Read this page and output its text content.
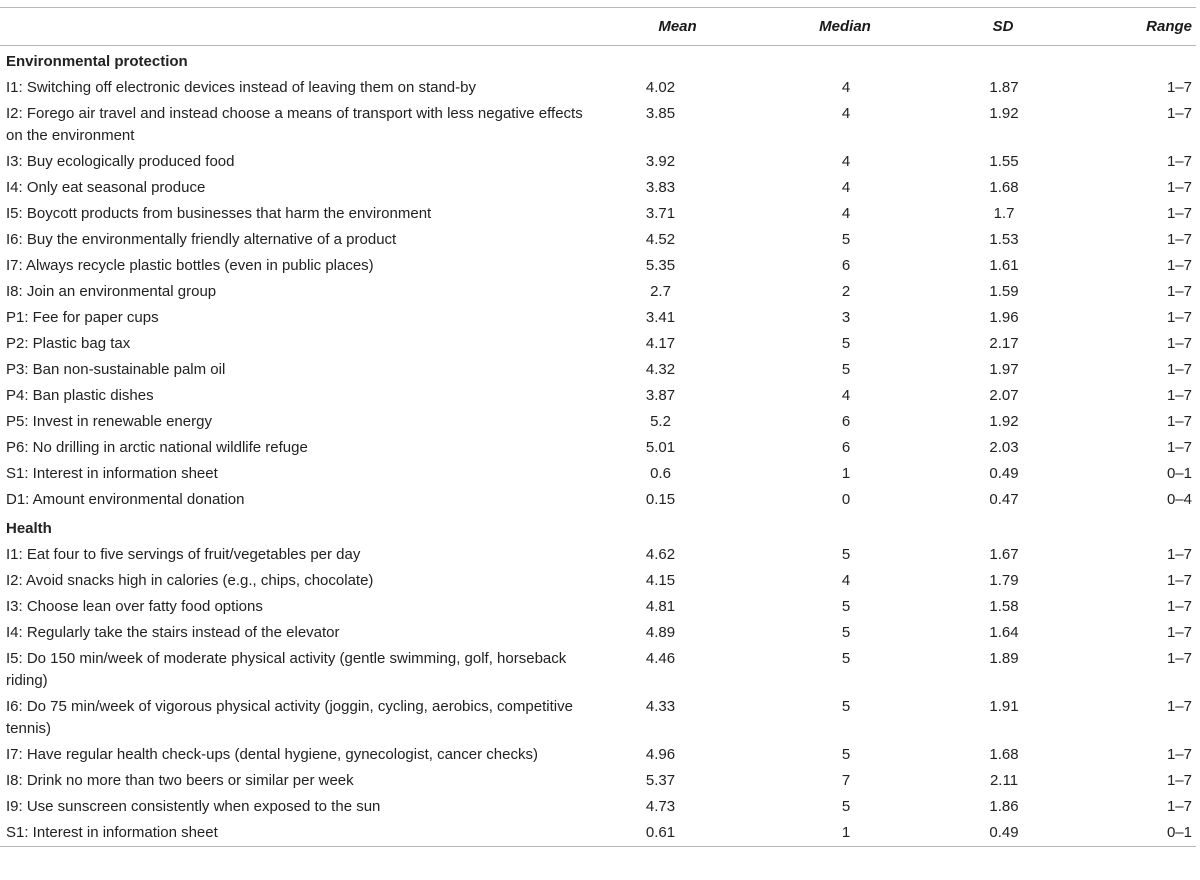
	Mean	Median	SD	Range
Environmental protection				
I1: Switching off electronic devices instead of leaving them on stand-by	4.02	4	1.87	1–7
I2: Forego air travel and instead choose a means of transport with less negative effects on the environment	3.85	4	1.92	1–7
I3: Buy ecologically produced food	3.92	4	1.55	1–7
I4: Only eat seasonal produce	3.83	4	1.68	1–7
I5: Boycott products from businesses that harm the environment	3.71	4	1.7	1–7
I6: Buy the environmentally friendly alternative of a product	4.52	5	1.53	1–7
I7: Always recycle plastic bottles (even in public places)	5.35	6	1.61	1–7
I8: Join an environmental group	2.7	2	1.59	1–7
P1: Fee for paper cups	3.41	3	1.96	1–7
P2: Plastic bag tax	4.17	5	2.17	1–7
P3: Ban non-sustainable palm oil	4.32	5	1.97	1–7
P4: Ban plastic dishes	3.87	4	2.07	1–7
P5: Invest in renewable energy	5.2	6	1.92	1–7
P6: No drilling in arctic national wildlife refuge	5.01	6	2.03	1–7
S1: Interest in information sheet	0.6	1	0.49	0–1
D1: Amount environmental donation	0.15	0	0.47	0–4
Health				
I1: Eat four to five servings of fruit/vegetables per day	4.62	5	1.67	1–7
I2: Avoid snacks high in calories (e.g., chips, chocolate)	4.15	4	1.79	1–7
I3: Choose lean over fatty food options	4.81	5	1.58	1–7
I4: Regularly take the stairs instead of the elevator	4.89	5	1.64	1–7
I5: Do 150 min/week of moderate physical activity (gentle swimming, golf, horseback riding)	4.46	5	1.89	1–7
I6: Do 75 min/week of vigorous physical activity (joggin, cycling, aerobics, competitive tennis)	4.33	5	1.91	1–7
I7: Have regular health check-ups (dental hygiene, gynecologist, cancer checks)	4.96	5	1.68	1–7
I8: Drink no more than two beers or similar per week	5.37	7	2.11	1–7
I9: Use sunscreen consistently when exposed to the sun	4.73	5	1.86	1–7
S1: Interest in information sheet	0.61	1	0.49	0–1
